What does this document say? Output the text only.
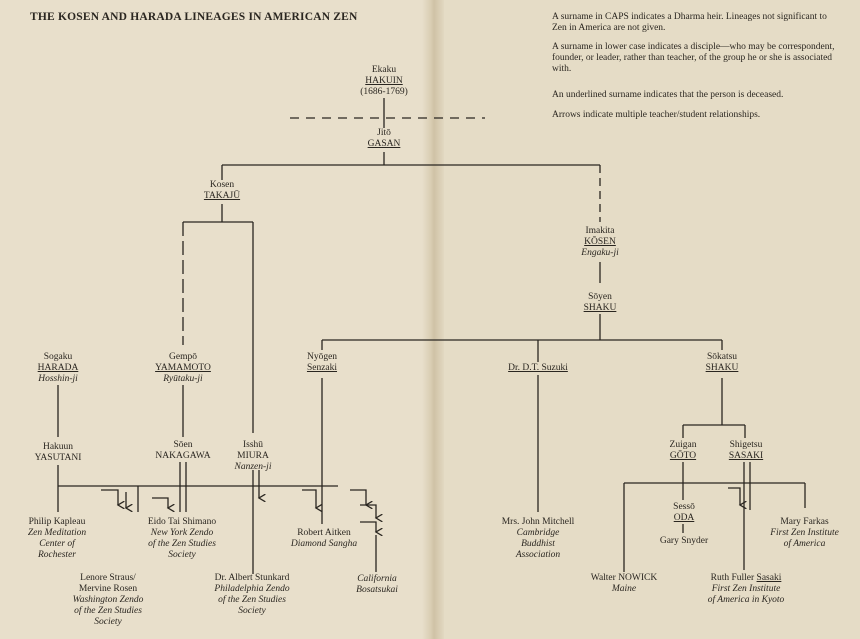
THE KOSEN AND HARADA LINEAGES IN AMERICAN ZEN	A surname in CAPS indicates a Dharma heir. Lineages not significant to Zen in America are not given.
A surname in lower case indicates a disciple—who may be correspondent, founder, or leader, rather than teacher, of the group he or she is associated with.
An underlined surname indicates that the person is deceased.
Arrows indicate multiple teacher/student relationships.
Ekaku
HAKUIN
(1686-1769)
Jitō
GASAN
Kosen
TAKAJŪ
Imakita
KŌSEN
Engaku-ji
Sōyen
SHAKU
Sogaku
HARADA
Hosshin-ji
Gempō
YAMAMOTO
Ryūtaku-ji
Nyōgen
Senzaki	Dr. D.T. Suzuki
Sōkatsu
SHAKU
Hakuun
YASUTANI
Sōen
NAKAGAWA
Isshū
MIURA
Nanzen-ji
Zuigan
GŌTO
Shigetsu
SASAKI
Philip Kapleau
Zen Meditation
Center of
Rochester
Eido Tai Shimano
New York Zendo
of the Zen Studies
Society
Robert Aitken
Diamond Sangha
Lenore Straus/
Mervine Rosen
Washington Zendo
of the Zen Studies
Society
Dr. Albert Stunkard
Philadelphia Zendo
of the Zen Studies
Society
California
Bosatsukai
Mrs. John Mitchell
Cambridge
Buddhist
Association
Sessō
ODA
Gary Snyder
Mary Farkas
First Zen Institute
of America
Walter NOWICK
Maine
Ruth Fuller Sasaki
First Zen Institute
of America in Kyoto
